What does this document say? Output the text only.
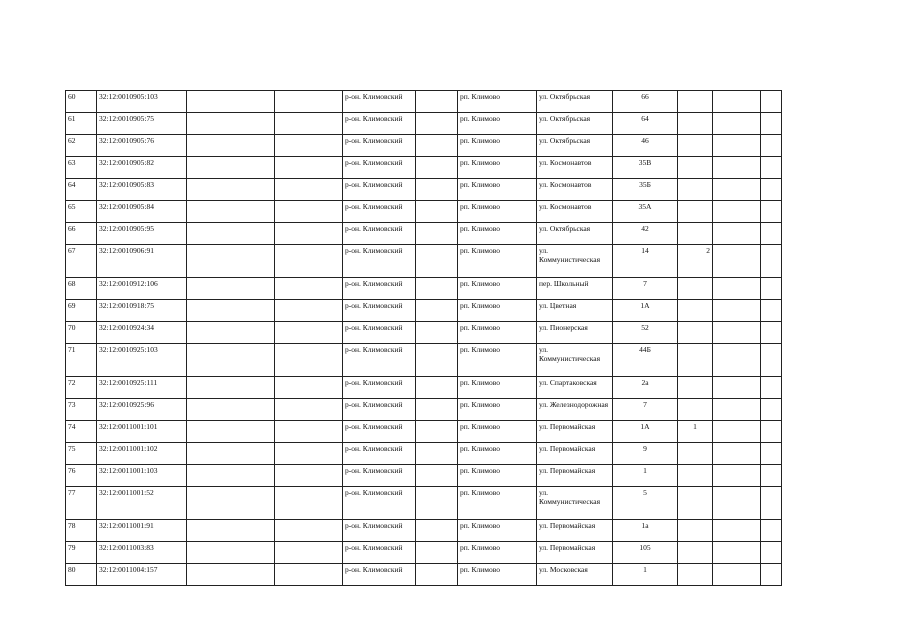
60	32:12:0010905:103			р-он. Климовский		рп. Климово	ул. Октябрьская	66			
61	32:12:0010905:75			р-он. Климовский		рп. Климово	ул. Октябрьская	64			
62	32:12:0010905:76			р-он. Климовский		рп. Климово	ул. Октябрьская	46			
63	32:12:0010905:82			р-он. Климовский		рп. Климово	ул. Космонавтов	35В			
64	32:12:0010905:83			р-он. Климовский		рп. Климово	ул. Космонавтов	35Б			
65	32:12:0010905:84			р-он. Климовский		рп. Климово	ул. Космонавтов	35А			
66	32:12:0010905:95			р-он. Климовский		рп. Климово	ул. Октябрьская	42			
67	32:12:0010906:91			р-он. Климовский		рп. Климово	ул. Коммунистическая	14	2		
68	32:12:0010912:106			р-он. Климовский		рп. Климово	пер. Школьный	7			
69	32:12:0010918:75			р-он. Климовский		рп. Климово	ул. Цветная	1А			
70	32:12:0010924:34			р-он. Климовский		рп. Климово	ул. Пионерская	52			
71	32:12:0010925:103			р-он. Климовский		рп. Климово	ул. Коммунистическая	44Б			
72	32:12:0010925:111			р-он. Климовский		рп. Климово	ул. Спартаковская	2а			
73	32:12:0010925:96			р-он. Климовский		рп. Климово	ул. Железнодорожная	7			
74	32:12:0011001:101			р-он. Климовский		рп. Климово	ул. Первомайская	1А	1		
75	32:12:0011001:102			р-он. Климовский		рп. Климово	ул. Первомайская	9			
76	32:12:0011001:103			р-он. Климовский		рп. Климово	ул. Первомайская	1			
77	32:12:0011001:52			р-он. Климовский		рп. Климово	ул. Коммунистическая	5			
78	32:12:0011001:91			р-он. Климовский		рп. Климово	ул. Первомайская	1а			
79	32:12:0011003:83			р-он. Климовский		рп. Климово	ул. Первомайская	105			
80	32:12:0011004:157			р-он. Климовский		рп. Климово	ул. Московская	1			
